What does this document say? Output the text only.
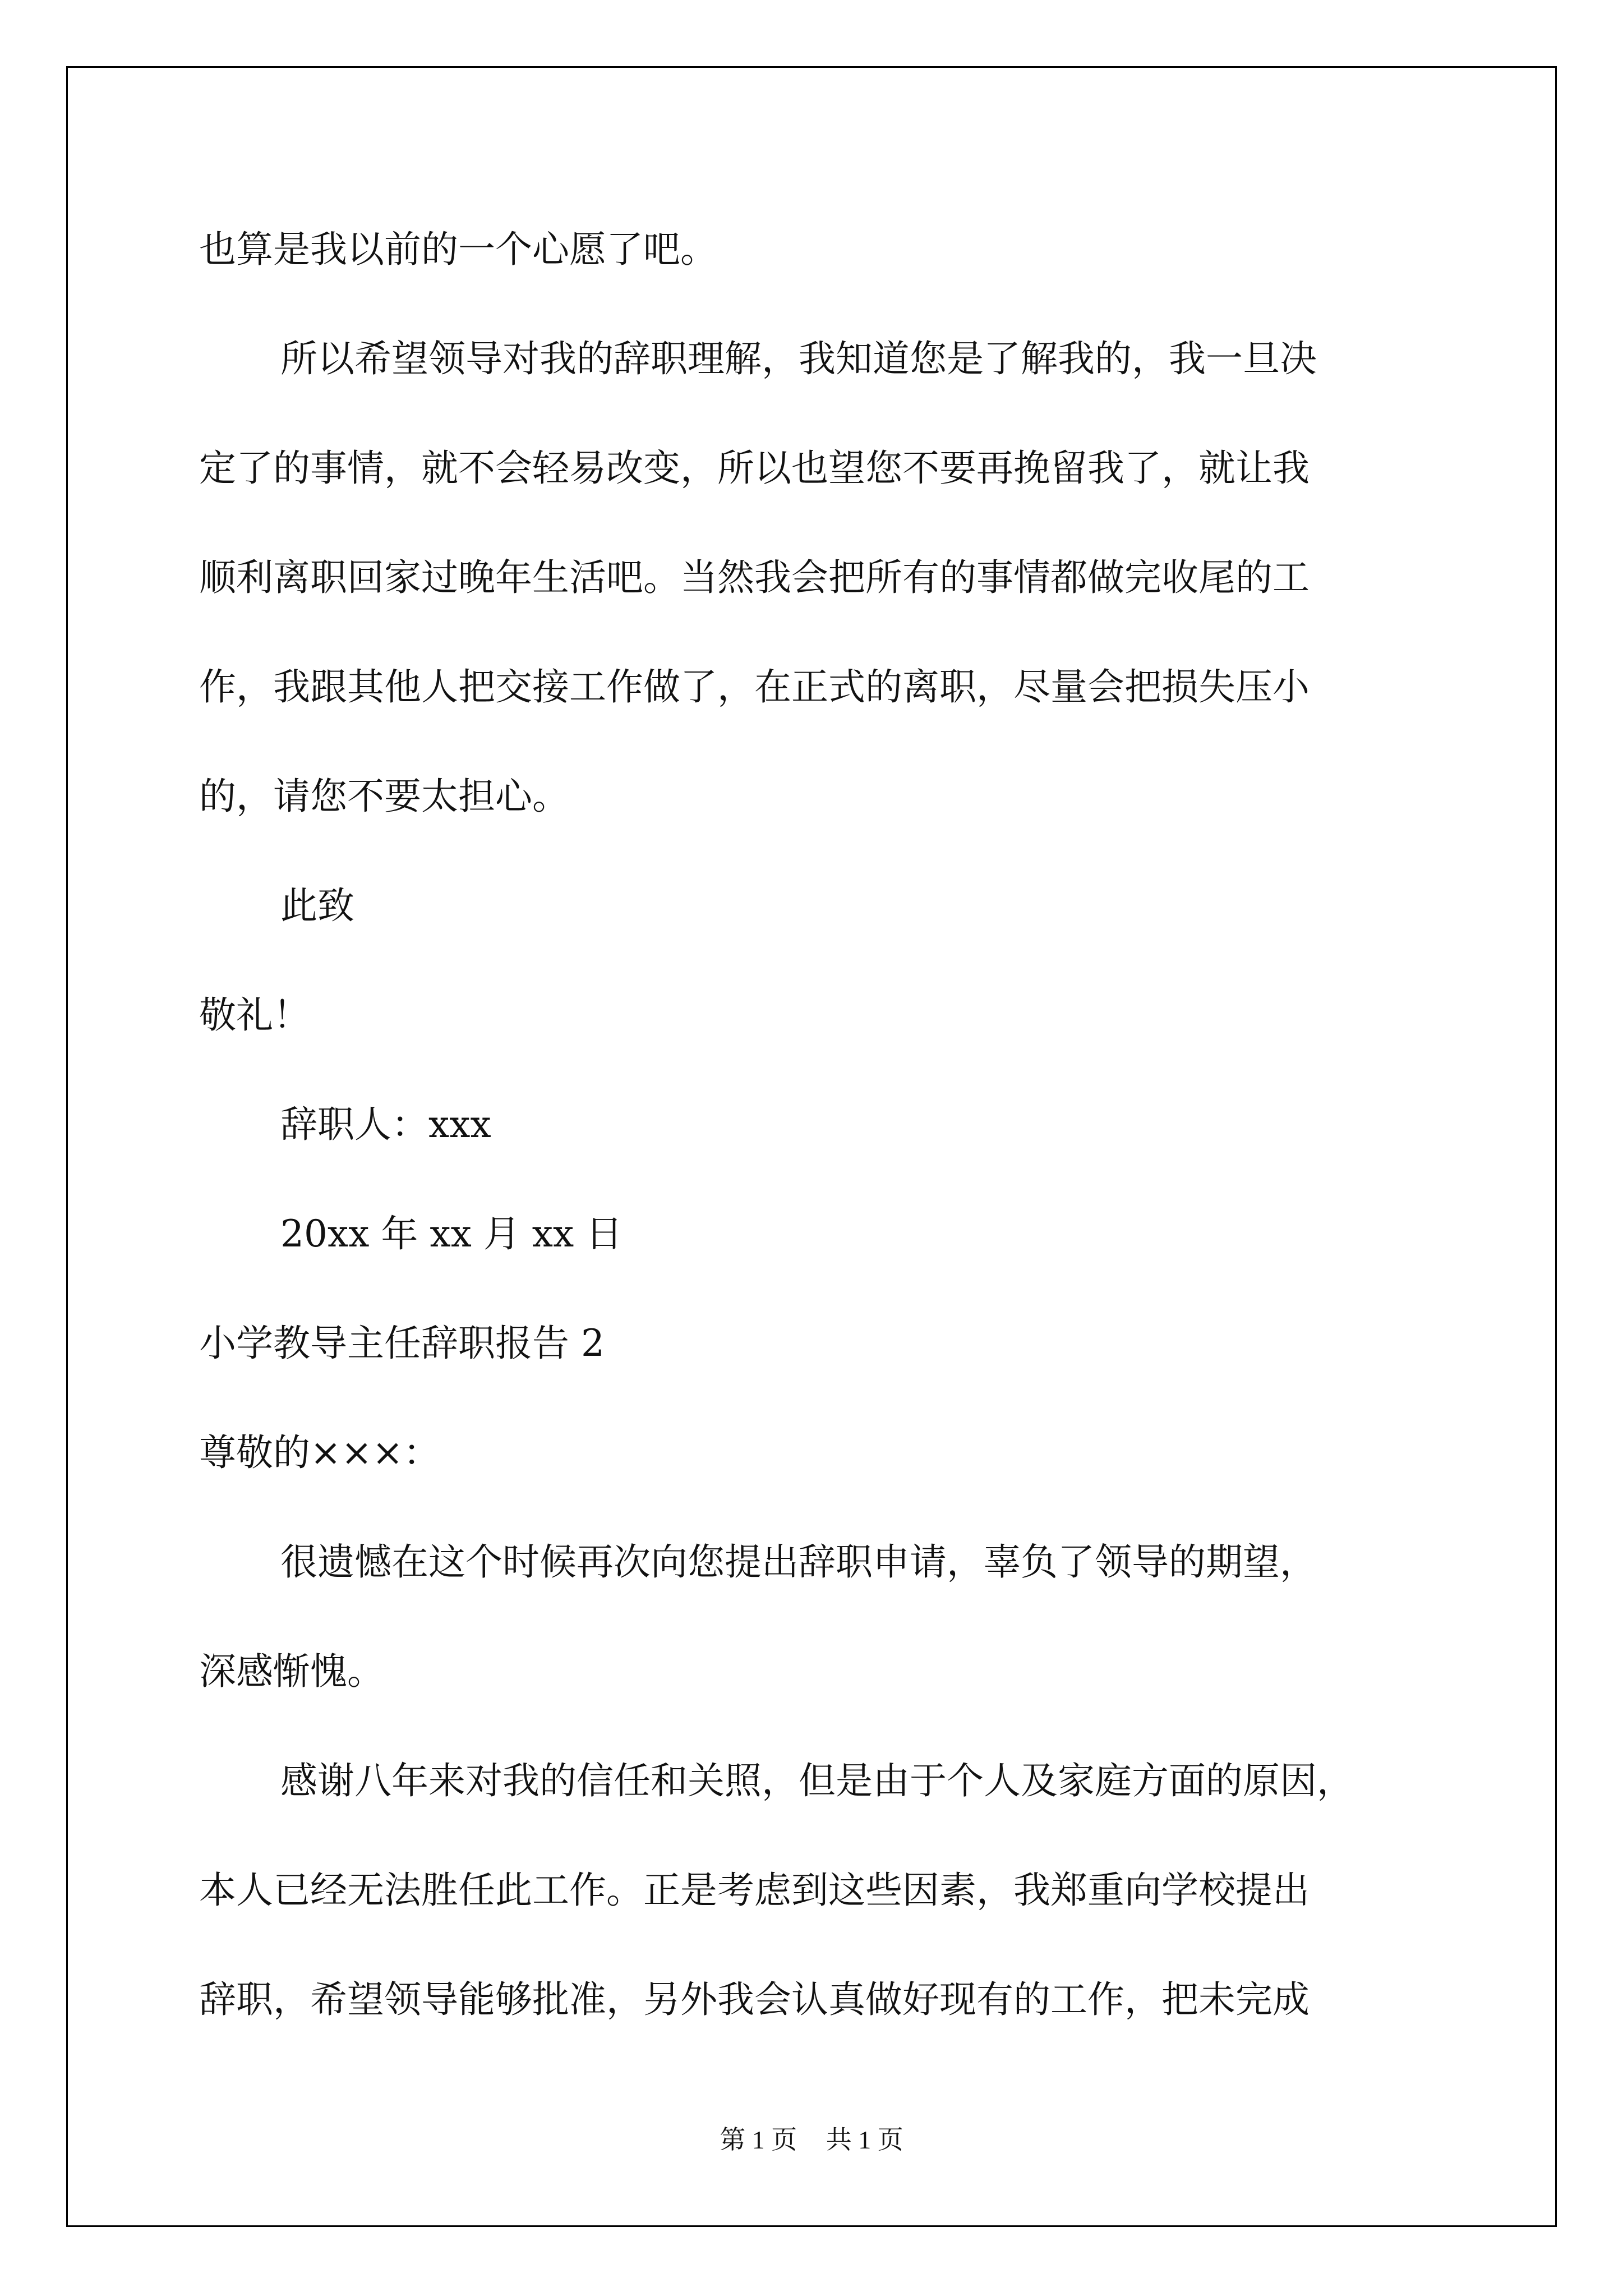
也算是我以前的一个心愿了吧。
所以希望领导对我的辞职理解，我知道您是了解我的，我一旦决
定了的事情，就不会轻易改变，所以也望您不要再挽留我了，就让我
顺利离职回家过晚年生活吧。当然我会把所有的事情都做完收尾的工
作，我跟其他人把交接工作做了，在正式的离职，尽量会把损失压小
的，请您不要太担心。
此致
敬礼！
辞职人：xxx
20xx 年 xx 月 xx 日
小学教导主任辞职报告 2
尊敬的×××：
很遗憾在这个时候再次向您提出辞职申请，辜负了领导的期望，
深感惭愧。
感谢八年来对我的信任和关照，但是由于个人及家庭方面的原因，
本人已经无法胜任此工作。正是考虑到这些因素，我郑重向学校提出
辞职，希望领导能够批准，另外我会认真做好现有的工作，把未完成
第 1 页 共 1 页
